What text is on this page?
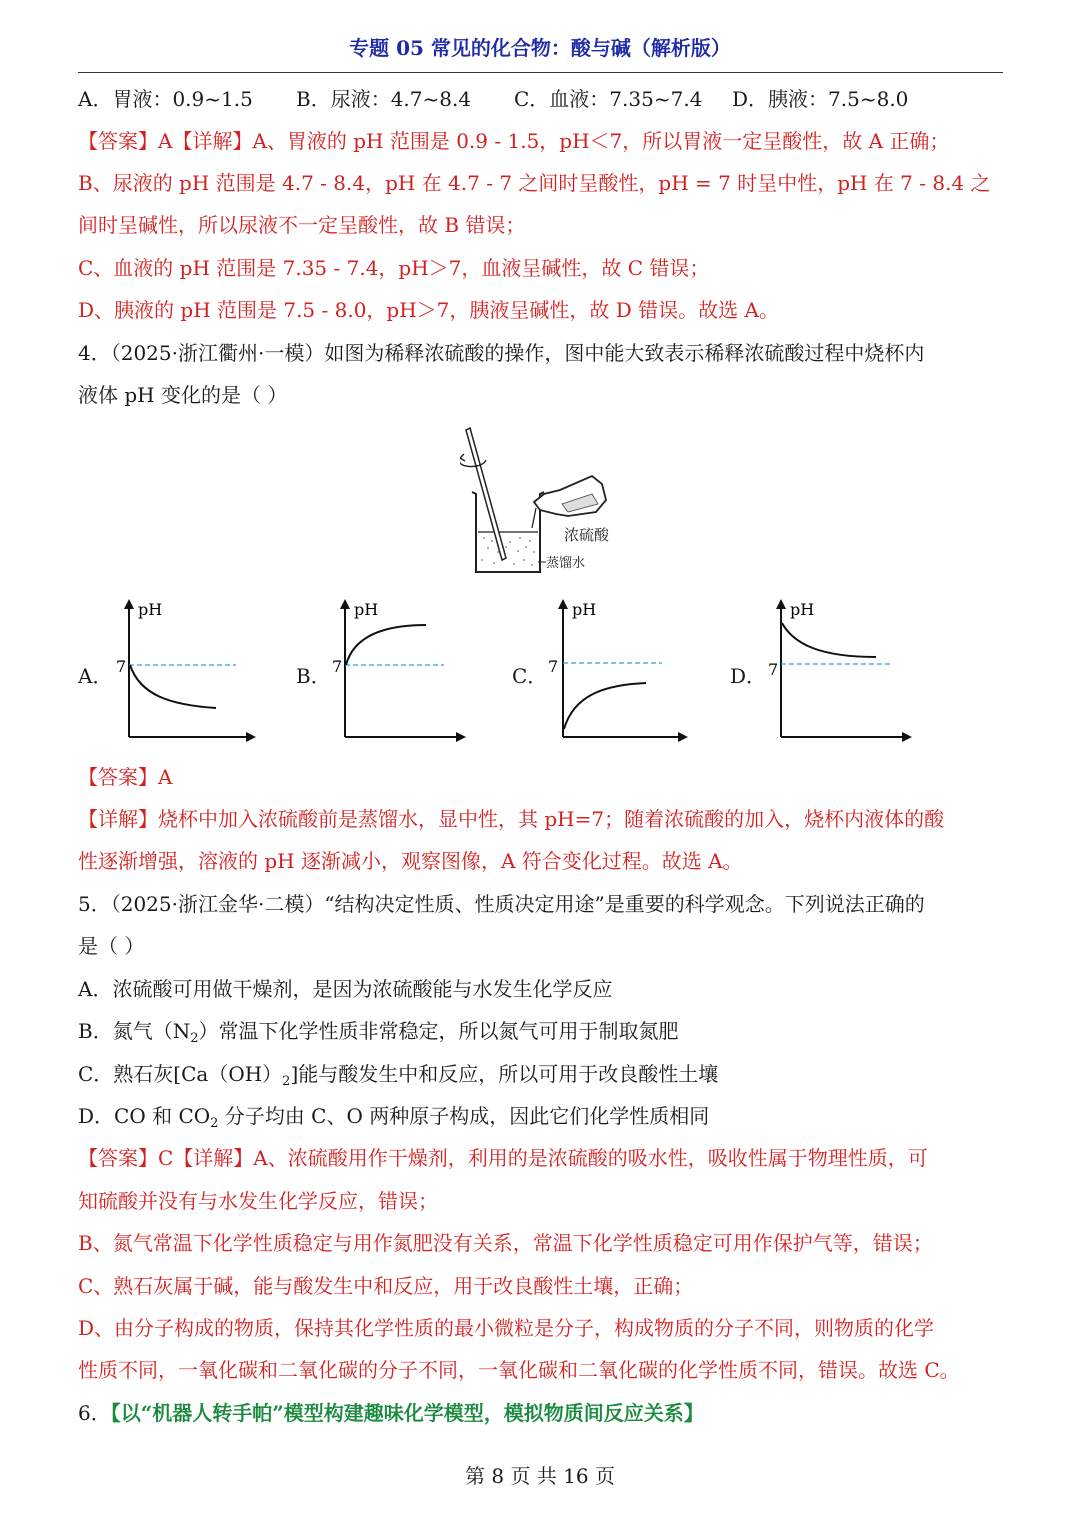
专题 05 常见的化合物：酸与碱（解析版）
A．胃液：0.9~1.5 B．尿液：4.7~8.4 C．血液：7.35~7.4 D．胰液：7.5~8.0
【答案】A【详解】A、胃液的 pH 范围是 0.9 - 1.5，pH＜7，所以胃液一定呈酸性，故 A 正确；
B、尿液的 pH 范围是 4.7 - 8.4，pH 在 4.7 - 7 之间时呈酸性，pH = 7 时呈中性，pH 在 7 - 8.4 之
间时呈碱性，所以尿液不一定呈酸性，故 B 错误；
C、血液的 pH 范围是 7.35 - 7.4，pH＞7，血液呈碱性，故 C 错误；
D、胰液的 pH 范围是 7.5 - 8.0，pH＞7，胰液呈碱性，故 D 错误。故选 A。
4．（2025·浙江衢州·一模）如图为稀释浓硫酸的操作，图中能大致表示稀释浓硫酸过程中烧杯内
液体 pH 变化的是（ ）
浓硫酸
蒸馏水
A．
pH
7	B．
pH
7	C．
pH
7	D．
pH
7
【答案】A
【详解】烧杯中加入浓硫酸前是蒸馏水，显中性，其 pH=7；随着浓硫酸的加入，烧杯内液体的酸
性逐渐增强，溶液的 pH 逐渐减小，观察图像，A 符合变化过程。故选 A。
5．（2025·浙江金华·二模）“结构决定性质、性质决定用途”是重要的科学观念。下列说法正确的
是（ ）
A．浓硫酸可用做干燥剂，是因为浓硫酸能与水发生化学反应
B．氮气$(N_2)$常温下化学性质非常稳定，所以氮气可用于制取氮肥
C．熟石灰$[Ca(OH)_2]$能与酸发生中和反应，所以可用于改良酸性土壤
D．CO 和 $CO_2$ 分子均由 C、O 两种原子构成，因此它们化学性质相同
【答案】C【详解】A、浓硫酸用作干燥剂，利用的是浓硫酸的吸水性，吸收性属于物理性质，可
知硫酸并没有与水发生化学反应，错误；
B、氮气常温下化学性质稳定与用作氮肥没有关系，常温下化学性质稳定可用作保护气等，错误；
C、熟石灰属于碱，能与酸发生中和反应，用于改良酸性土壤，正确；
D、由分子构成的物质，保持其化学性质的最小微粒是分子，构成物质的分子不同，则物质的化学
性质不同，一氧化碳和二氧化碳的分子不同，一氧化碳和二氧化碳的化学性质不同，错误。故选 C。
6．【以“机器人转手帕”模型构建趣味化学模型，模拟物质间反应关系】
第 8 页 共 16 页
